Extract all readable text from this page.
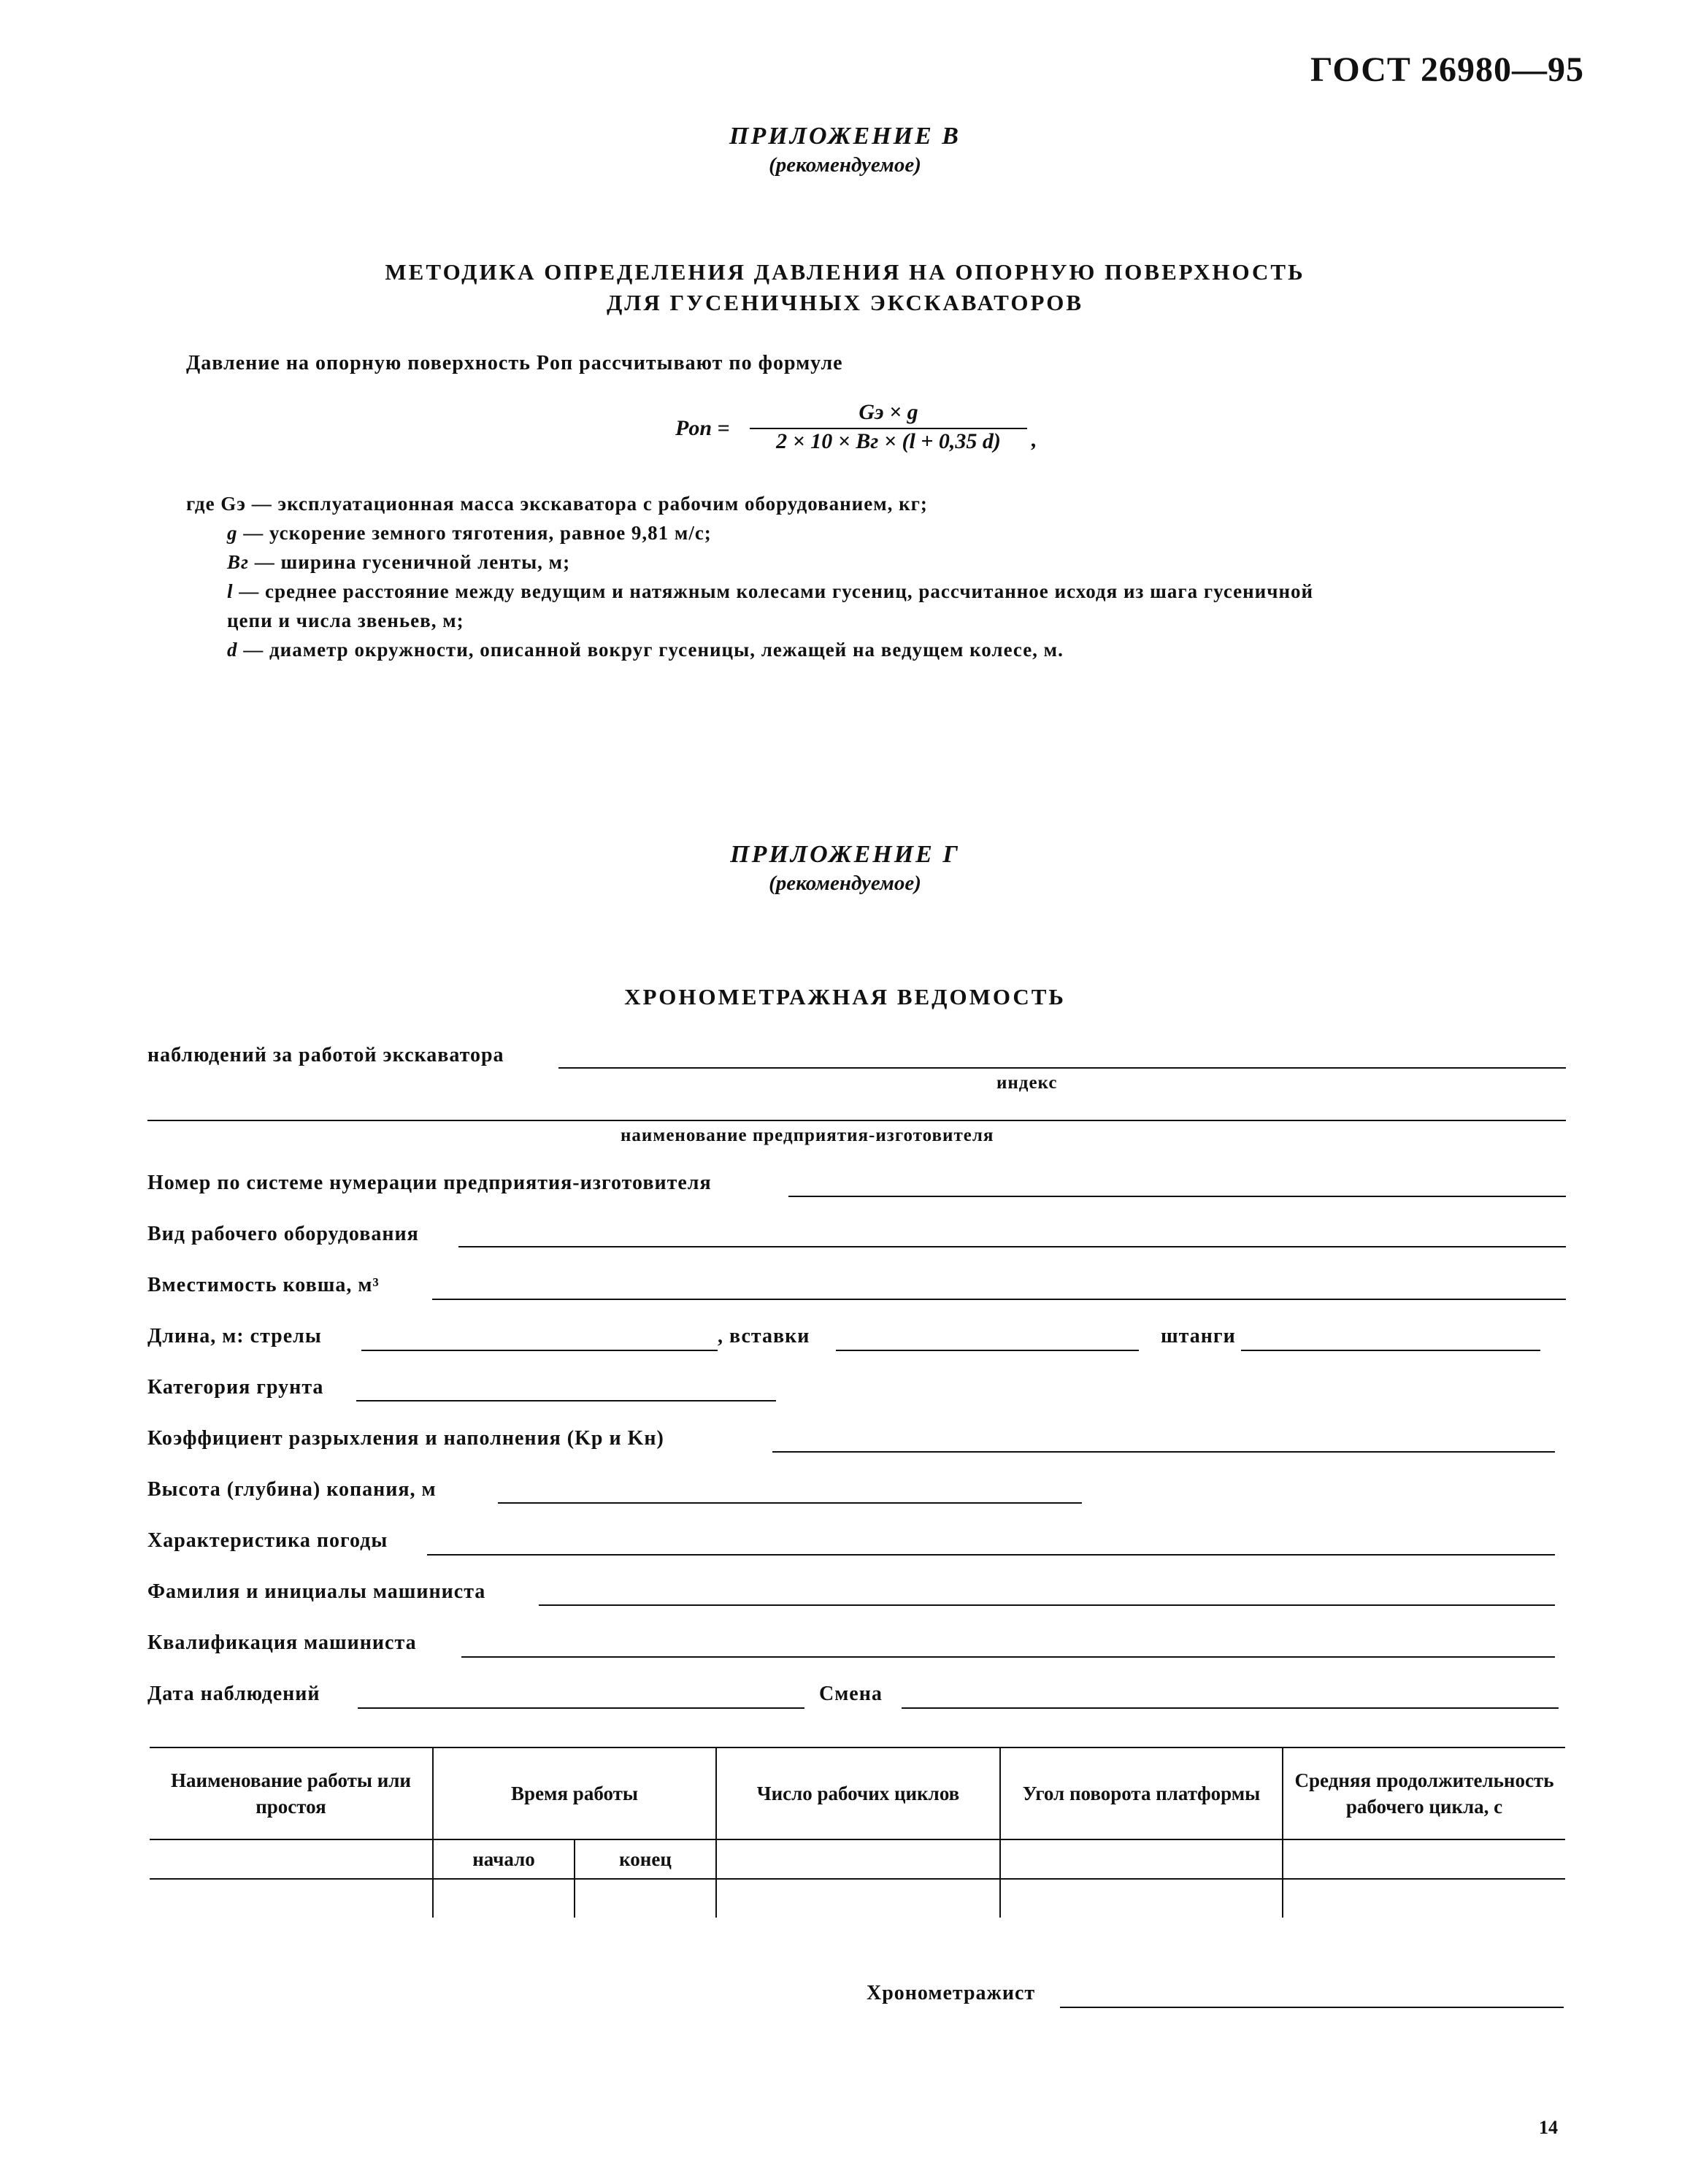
ГОСТ 26980—95
ПРИЛОЖЕНИЕ В
(рекомендуемое)
МЕТОДИКА ОПРЕДЕЛЕНИЯ ДАВЛЕНИЯ НА ОПОРНУЮ ПОВЕРХНОСТЬ
ДЛЯ ГУСЕНИЧНЫХ ЭКСКАВАТОРОВ
Давление на опорную поверхность Pоп рассчитывают по формуле
Pоп =
Gэ × g
2 × 10 × Bг × (l + 0,35 d)	,
где Gэ — эксплуатационная масса экскаватора с рабочим оборудованием, кг;
g — ускорение земного тяготения, равное 9,81 м/с;
Bг — ширина гусеничной ленты, м;
l — среднее расстояние между ведущим и натяжным колесами гусениц, рассчитанное исходя из шага гусеничной
цепи и числа звеньев, м;
d — диаметр окружности, описанной вокруг гусеницы, лежащей на ведущем колесе, м.
ПРИЛОЖЕНИЕ Г
(рекомендуемое)
ХРОНОМЕТРАЖНАЯ ВЕДОМОСТЬ
наблюдений за работой экскаватора
индекс
наименование предприятия-изготовителя
Номер по системе нумерации предприятия-изготовителя
Вид рабочего оборудования
Вместимость ковша, м³
Длина, м: стрелы	, вставки	штанги
Категория грунта
Коэффициент разрыхления и наполнения (Kр и Kн)
Высота (глубина) копания, м
Характеристика погоды
Фамилия и инициалы машиниста
Квалификация машиниста
Дата наблюдений	Смена
Наименование работы или простоя	Время работы		Число рабочих циклов	Угол поворота платформы	Средняя продолжительность рабочего цикла, с
	начало	конец			

Хронометражист
14
